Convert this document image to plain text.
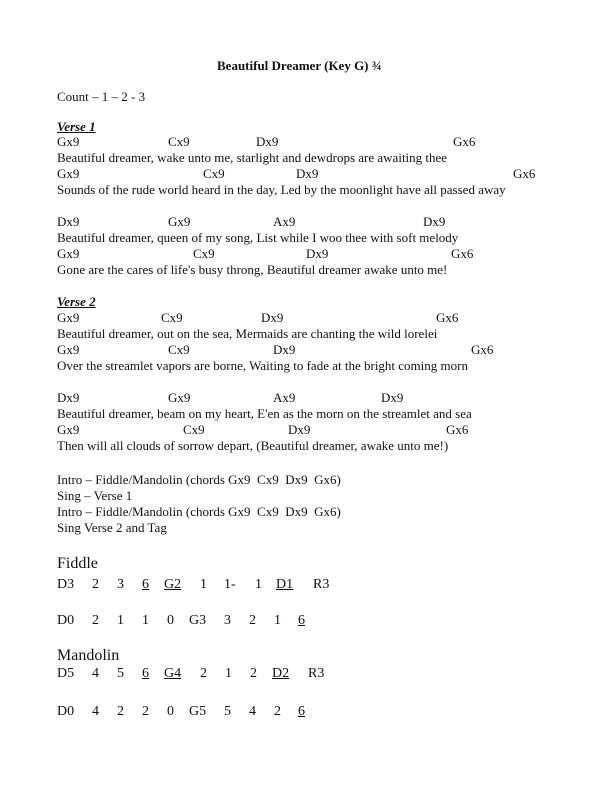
Beautiful Dreamer (Key G) ¾
Count – 1 – 2 - 3
Verse 1
Gx9	Cx9	Dx9	Gx6
Beautiful dreamer, wake unto me, starlight and dewdrops are awaiting thee
Gx9	Cx9	Dx9	Gx6
Sounds of the rude world heard in the day, Led by the moonlight have all passed away
Dx9	Gx9	Ax9	Dx9
Beautiful dreamer, queen of my song, List while I woo thee with soft melody
Gx9	Cx9	Dx9	Gx6
Gone are the cares of life's busy throng, Beautiful dreamer awake unto me!
Verse 2
Gx9	Cx9	Dx9	Gx6
Beautiful dreamer, out on the sea, Mermaids are chanting the wild lorelei
Gx9	Cx9	Dx9	Gx6
Over the streamlet vapors are borne, Waiting to fade at the bright coming morn
Dx9	Gx9	Ax9	Dx9
Beautiful dreamer, beam on my heart, E'en as the morn on the streamlet and sea
Gx9	Cx9	Dx9	Gx6
Then will all clouds of sorrow depart, (Beautiful dreamer, awake unto me!)
Intro – Fiddle/Mandolin (chords Gx9  Cx9  Dx9  Gx6)
Sing – Verse 1
Intro – Fiddle/Mandolin (chords Gx9  Cx9  Dx9  Gx6)
Sing Verse 2 and Tag
Fiddle
D3 2 3 6 G2 1 1- 1 D1 R3
D0 2 1 1 0 G3 3 2 1 6
Mandolin
D5 4 5 6 G4 2 1 2 D2 R3
D0 4 2 2 0 G5 5 4 2 6
